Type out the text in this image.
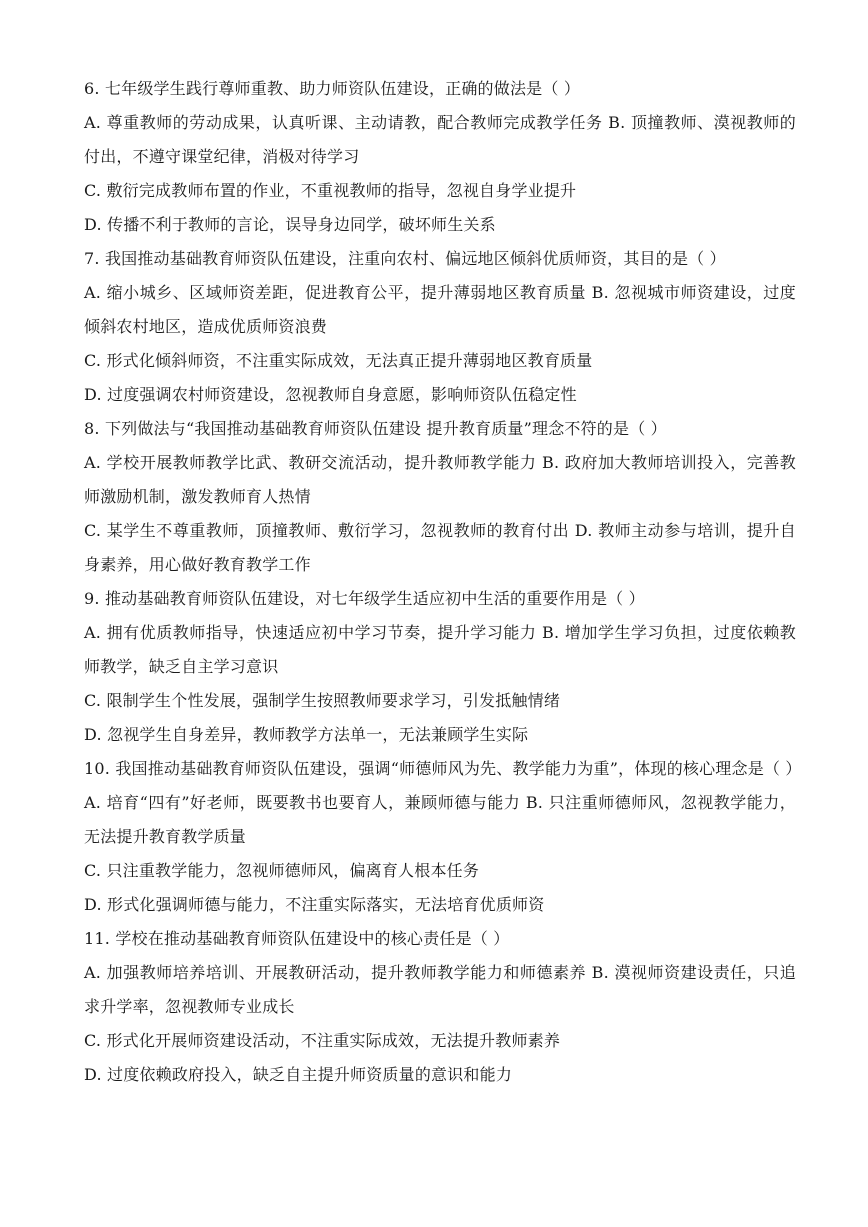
6. 七年级学生践行尊师重教、助力师资队伍建设，正确的做法是（ ）

A. 尊重教师的劳动成果，认真听课、主动请教，配合教师完成教学任务 B. 顶撞教师、漠视教师的付出，不遵守课堂纪律，消极对待学习

C. 敷衍完成教师布置的作业，不重视教师的指导，忽视自身学业提升

D. 传播不利于教师的言论，误导身边同学，破坏师生关系

7. 我国推动基础教育师资队伍建设，注重向农村、偏远地区倾斜优质师资，其目的是（ ）

A. 缩小城乡、区域师资差距，促进教育公平，提升薄弱地区教育质量 B. 忽视城市师资建设，过度倾斜农村地区，造成优质师资浪费

C. 形式化倾斜师资，不注重实际成效，无法真正提升薄弱地区教育质量

D. 过度强调农村师资建设，忽视教师自身意愿，影响师资队伍稳定性

8. 下列做法与“我国推动基础教育师资队伍建设 提升教育质量”理念不符的是（ ）

A. 学校开展教师教学比武、教研交流活动，提升教师教学能力 B. 政府加大教师培训投入，完善教师激励机制，激发教师育人热情

C. 某学生不尊重教师，顶撞教师、敷衍学习，忽视教师的教育付出 D. 教师主动参与培训，提升自身素养，用心做好教育教学工作

9. 推动基础教育师资队伍建设，对七年级学生适应初中生活的重要作用是（ ）

A. 拥有优质教师指导，快速适应初中学习节奏，提升学习能力 B. 增加学生学习负担，过度依赖教师教学，缺乏自主学习意识

C. 限制学生个性发展，强制学生按照教师要求学习，引发抵触情绪

D. 忽视学生自身差异，教师教学方法单一，无法兼顾学生实际

10. 我国推动基础教育师资队伍建设，强调“师德师风为先、教学能力为重”，体现的核心理念是（ ）

A. 培育“四有”好老师，既要教书也要育人，兼顾师德与能力 B. 只注重师德师风，忽视教学能力，无法提升教育教学质量

C. 只注重教学能力，忽视师德师风，偏离育人根本任务

D. 形式化强调师德与能力，不注重实际落实，无法培育优质师资

11. 学校在推动基础教育师资队伍建设中的核心责任是（ ）

A. 加强教师培养培训、开展教研活动，提升教师教学能力和师德素养 B. 漠视师资建设责任，只追求升学率，忽视教师专业成长

C. 形式化开展师资建设活动，不注重实际成效，无法提升教师素养

D. 过度依赖政府投入，缺乏自主提升师资质量的意识和能力
